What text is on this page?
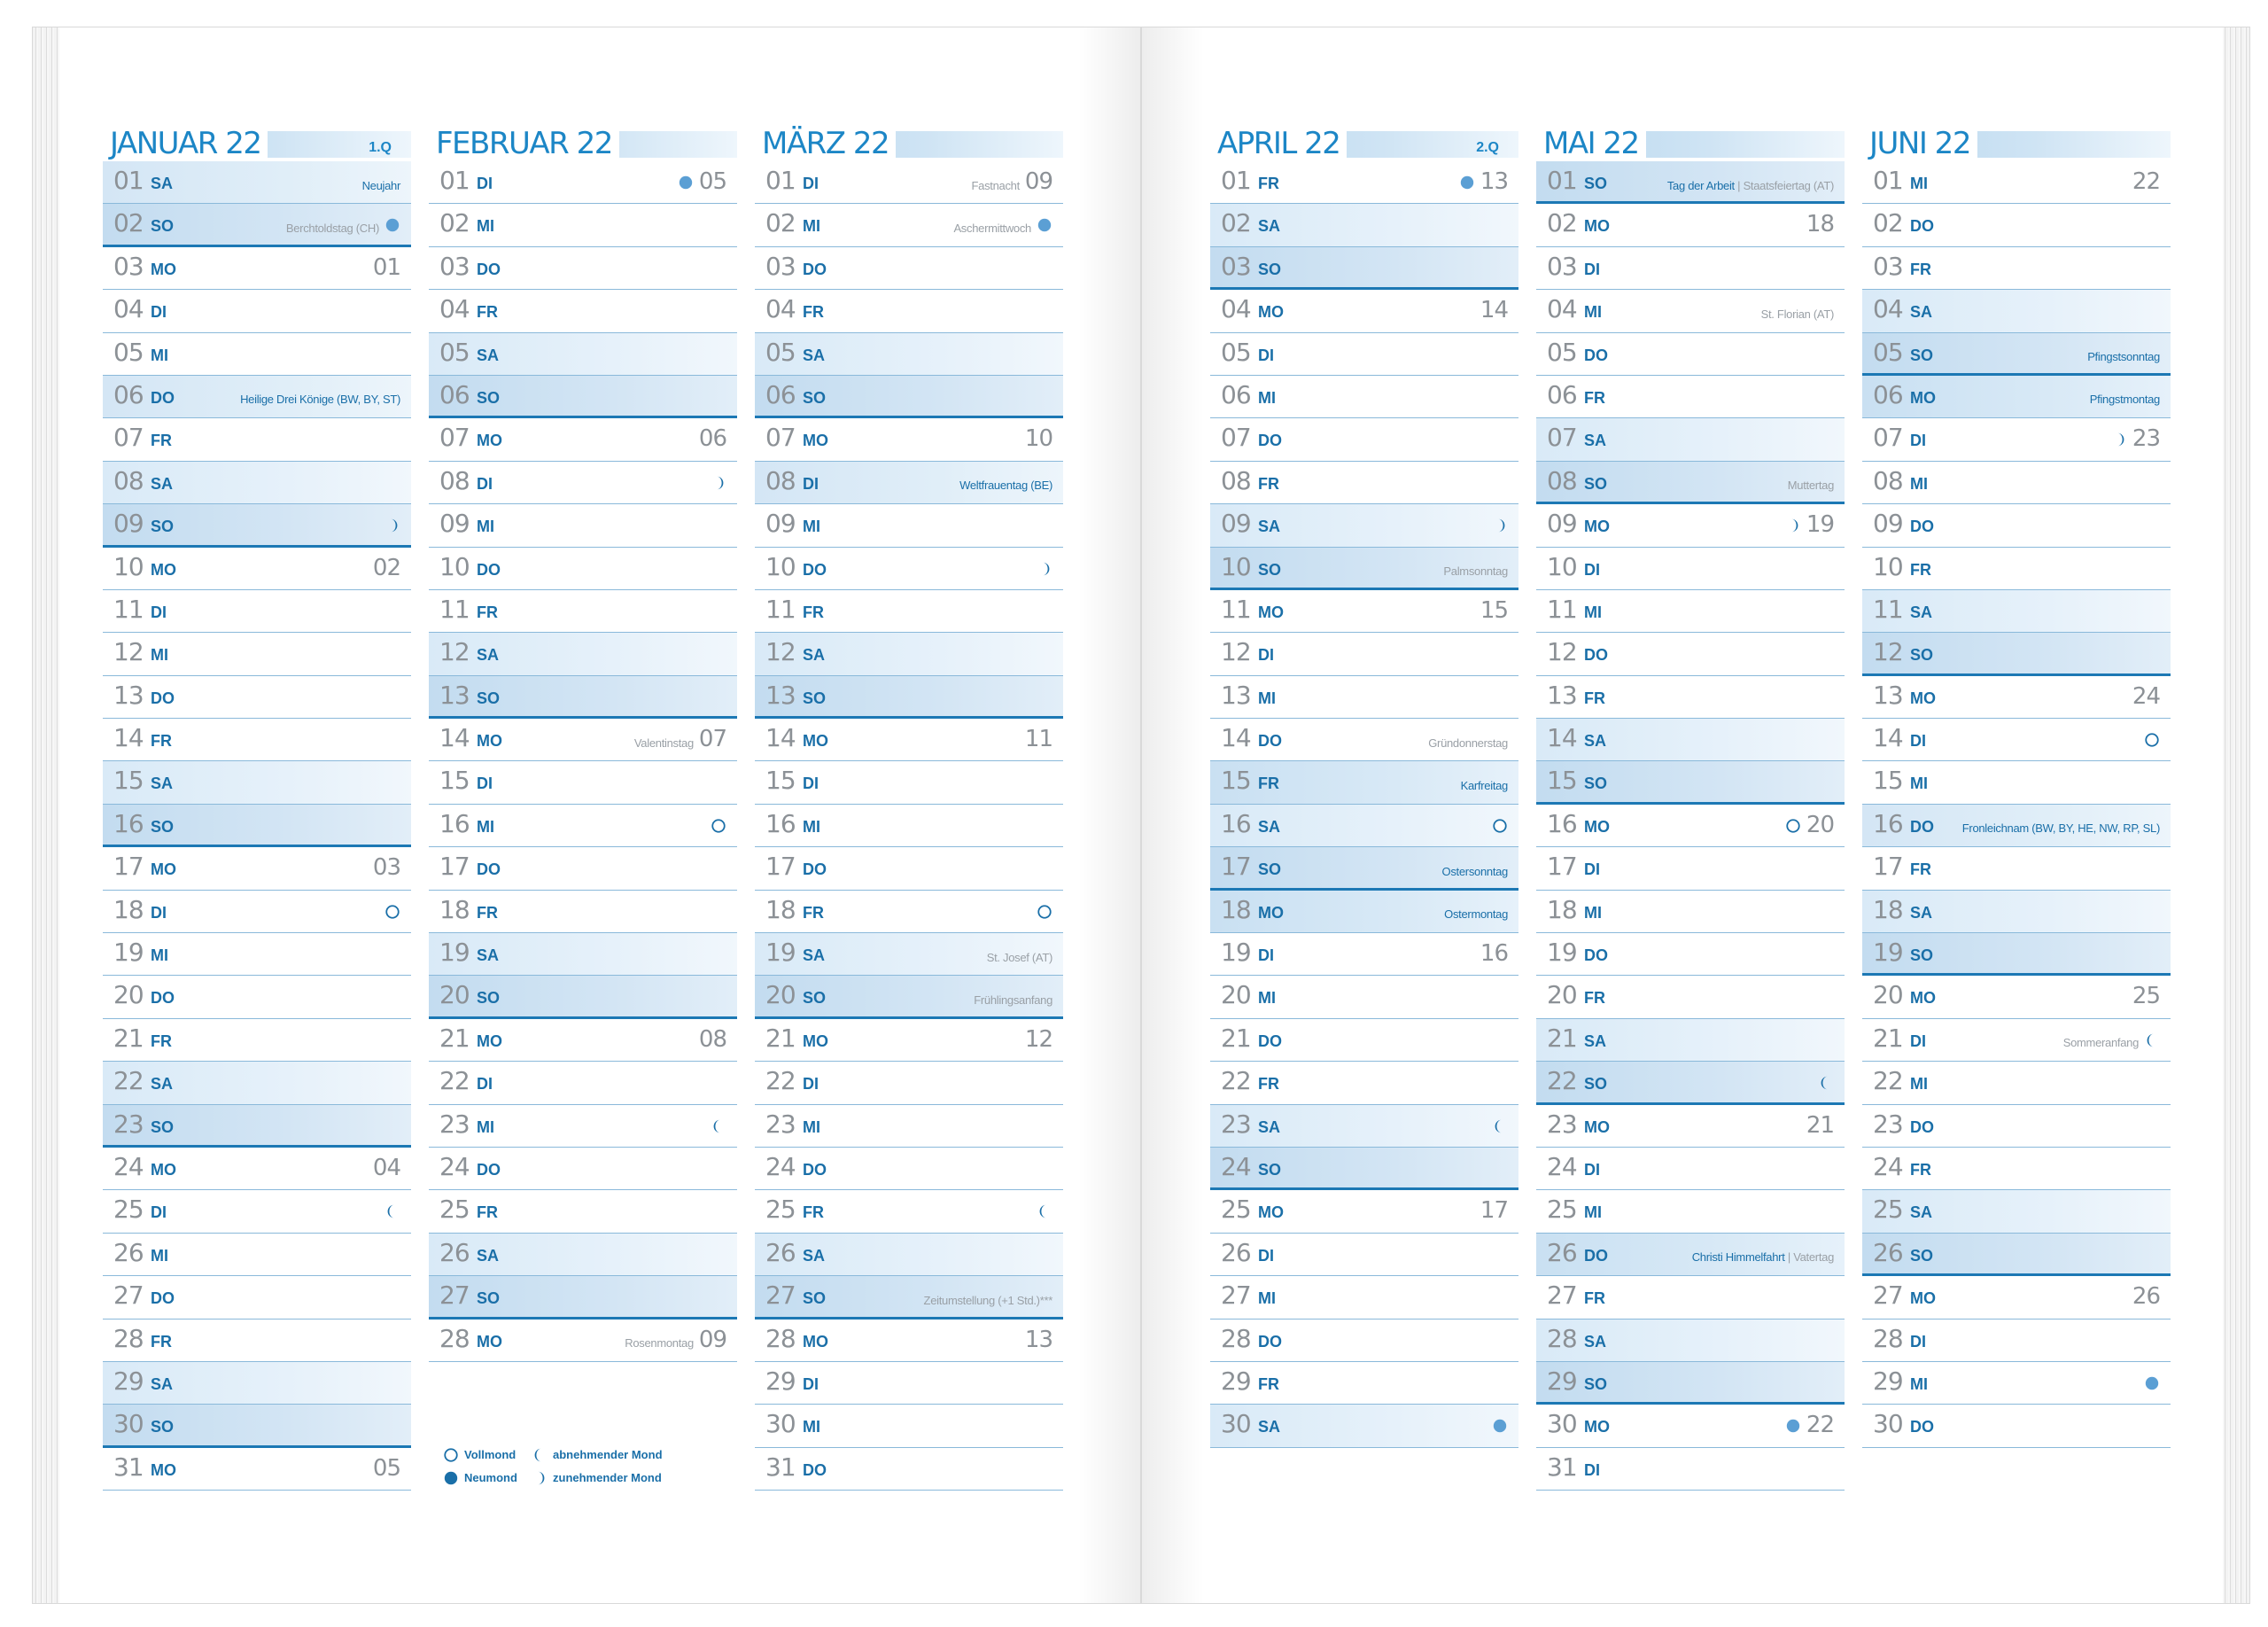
Vollmond	abnehmender Mond
Neumond	zunehmender Mond
JANUAR 22	1.Q
01 SA	Neujahr
02 SO	Berchtoldstag (CH)
03 MO	01
04 DI
05 MI
06 DO	Heilige Drei Könige (BW, BY, ST)
07 FR
08 SA
09 SO
10 MO	02
11 DI
12 MI
13 DO
14 FR
15 SA
16 SO
17 MO	03
18 DI
19 MI
20 DO
21 FR
22 SA
23 SO
24 MO	04
25 DI
26 MI
27 DO
28 FR
29 SA
30 SO
31 MO	05
FEBRUAR 22
01 DI	05
02 MI
03 DO
04 FR
05 SA
06 SO
07 MO	06
08 DI
09 MI
10 DO
11 FR
12 SA
13 SO
14 MO	Valentinstag 07
15 DI
16 MI
17 DO
18 FR
19 SA
20 SO
21 MO	08
22 DI
23 MI
24 DO
25 FR
26 SA
27 SO
28 MO	Rosenmontag 09
MÄRZ 22
01 DI	Fastnacht 09
02 MI	Aschermittwoch
03 DO
04 FR
05 SA
06 SO
07 MO	10
08 DI	Weltfrauentag (BE)
09 MI
10 DO
11 FR
12 SA
13 SO
14 MO	11
15 DI
16 MI
17 DO
18 FR
19 SA	St. Josef (AT)
20 SO	Frühlingsanfang
21 MO	12
22 DI
23 MI
24 DO
25 FR
26 SA
27 SO	Zeitumstellung (+1 Std.)***
28 MO	13
29 DI
30 MI
31 DO
APRIL 22	2.Q
01 FR	13
02 SA
03 SO
04 MO	14
05 DI
06 MI
07 DO
08 FR
09 SA
10 SO	Palmsonntag
11 MO	15
12 DI
13 MI
14 DO	Gründonnerstag
15 FR	Karfreitag
16 SA
17 SO	Ostersonntag
18 MO	Ostermontag
19 DI	16
20 MI
21 DO
22 FR
23 SA
24 SO
25 MO	17
26 DI
27 MI
28 DO
29 FR
30 SA
MAI 22
01 SO	Tag der Arbeit | Staatsfeiertag (AT)
02 MO	18
03 DI
04 MI	St. Florian (AT)
05 DO
06 FR
07 SA
08 SO	Muttertag
09 MO	19
10 DI
11 MI
12 DO
13 FR
14 SA
15 SO
16 MO	20
17 DI
18 MI
19 DO
20 FR
21 SA
22 SO
23 MO	21
24 DI
25 MI
26 DO	Christi Himmelfahrt | Vatertag
27 FR
28 SA
29 SO
30 MO	22
31 DI
JUNI 22
01 MI	22
02 DO
03 FR
04 SA
05 SO	Pfingstsonntag
06 MO	Pfingstmontag
07 DI	23
08 MI
09 DO
10 FR
11 SA
12 SO
13 MO	24
14 DI
15 MI
16 DO Fronleichnam (BW, BY, HE, NW, RP, SL)
17 FR
18 SA
19 SO
20 MO	25
21 DI	Sommeranfang
22 MI
23 DO
24 FR
25 SA
26 SO
27 MO	26
28 DI
29 MI
30 DO
